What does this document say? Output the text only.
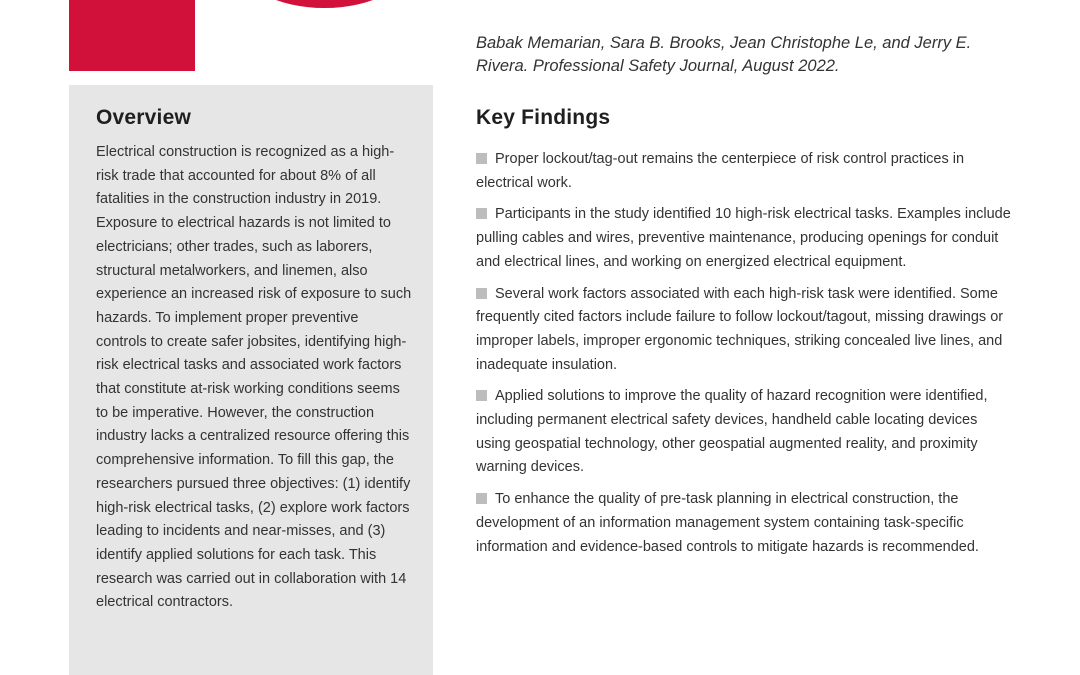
Babak Memarian, Sara B. Brooks, Jean Christophe Le, and Jerry E. Rivera. Professional Safety Journal, August 2022.
Overview

Electrical construction is recognized as a high-risk trade that accounted for about 8% of all fatalities in the construction industry in 2019. Exposure to electrical hazards is not limited to electricians; other trades, such as laborers, structural metalworkers, and linemen, also experience an increased risk of exposure to such hazards. To implement proper preventive controls to create safer jobsites, identifying high-risk electrical tasks and associated work factors that constitute at-risk working conditions seems to be imperative. However, the construction industry lacks a centralized resource offering this comprehensive information. To fill this gap, the researchers pursued three objectives: (1) identify high-risk electrical tasks, (2) explore work factors leading to incidents and near-misses, and (3) identify applied solutions for each task. This research was carried out in collaboration with 14 electrical contractors.

Key Findings
Proper lockout/tag-out remains the centerpiece of risk control practices in electrical work.
Participants in the study identified 10 high-risk electrical tasks. Examples include pulling cables and wires, preventive maintenance, producing openings for conduit and electrical lines, and working on energized electrical equipment.
Several work factors associated with each high-risk task were identified. Some frequently cited factors include failure to follow lockout/tagout, missing drawings or improper labels, improper ergonomic techniques, striking concealed live lines, and inadequate insulation.
Applied solutions to improve the quality of hazard recognition were identified, including permanent electrical safety devices, handheld cable locating devices using geospatial technology, other geospatial augmented reality, and proximity warning devices.
To enhance the quality of pre-task planning in electrical construction, the development of an information management system containing task-specific information and evidence-based controls to mitigate hazards is recommended.
